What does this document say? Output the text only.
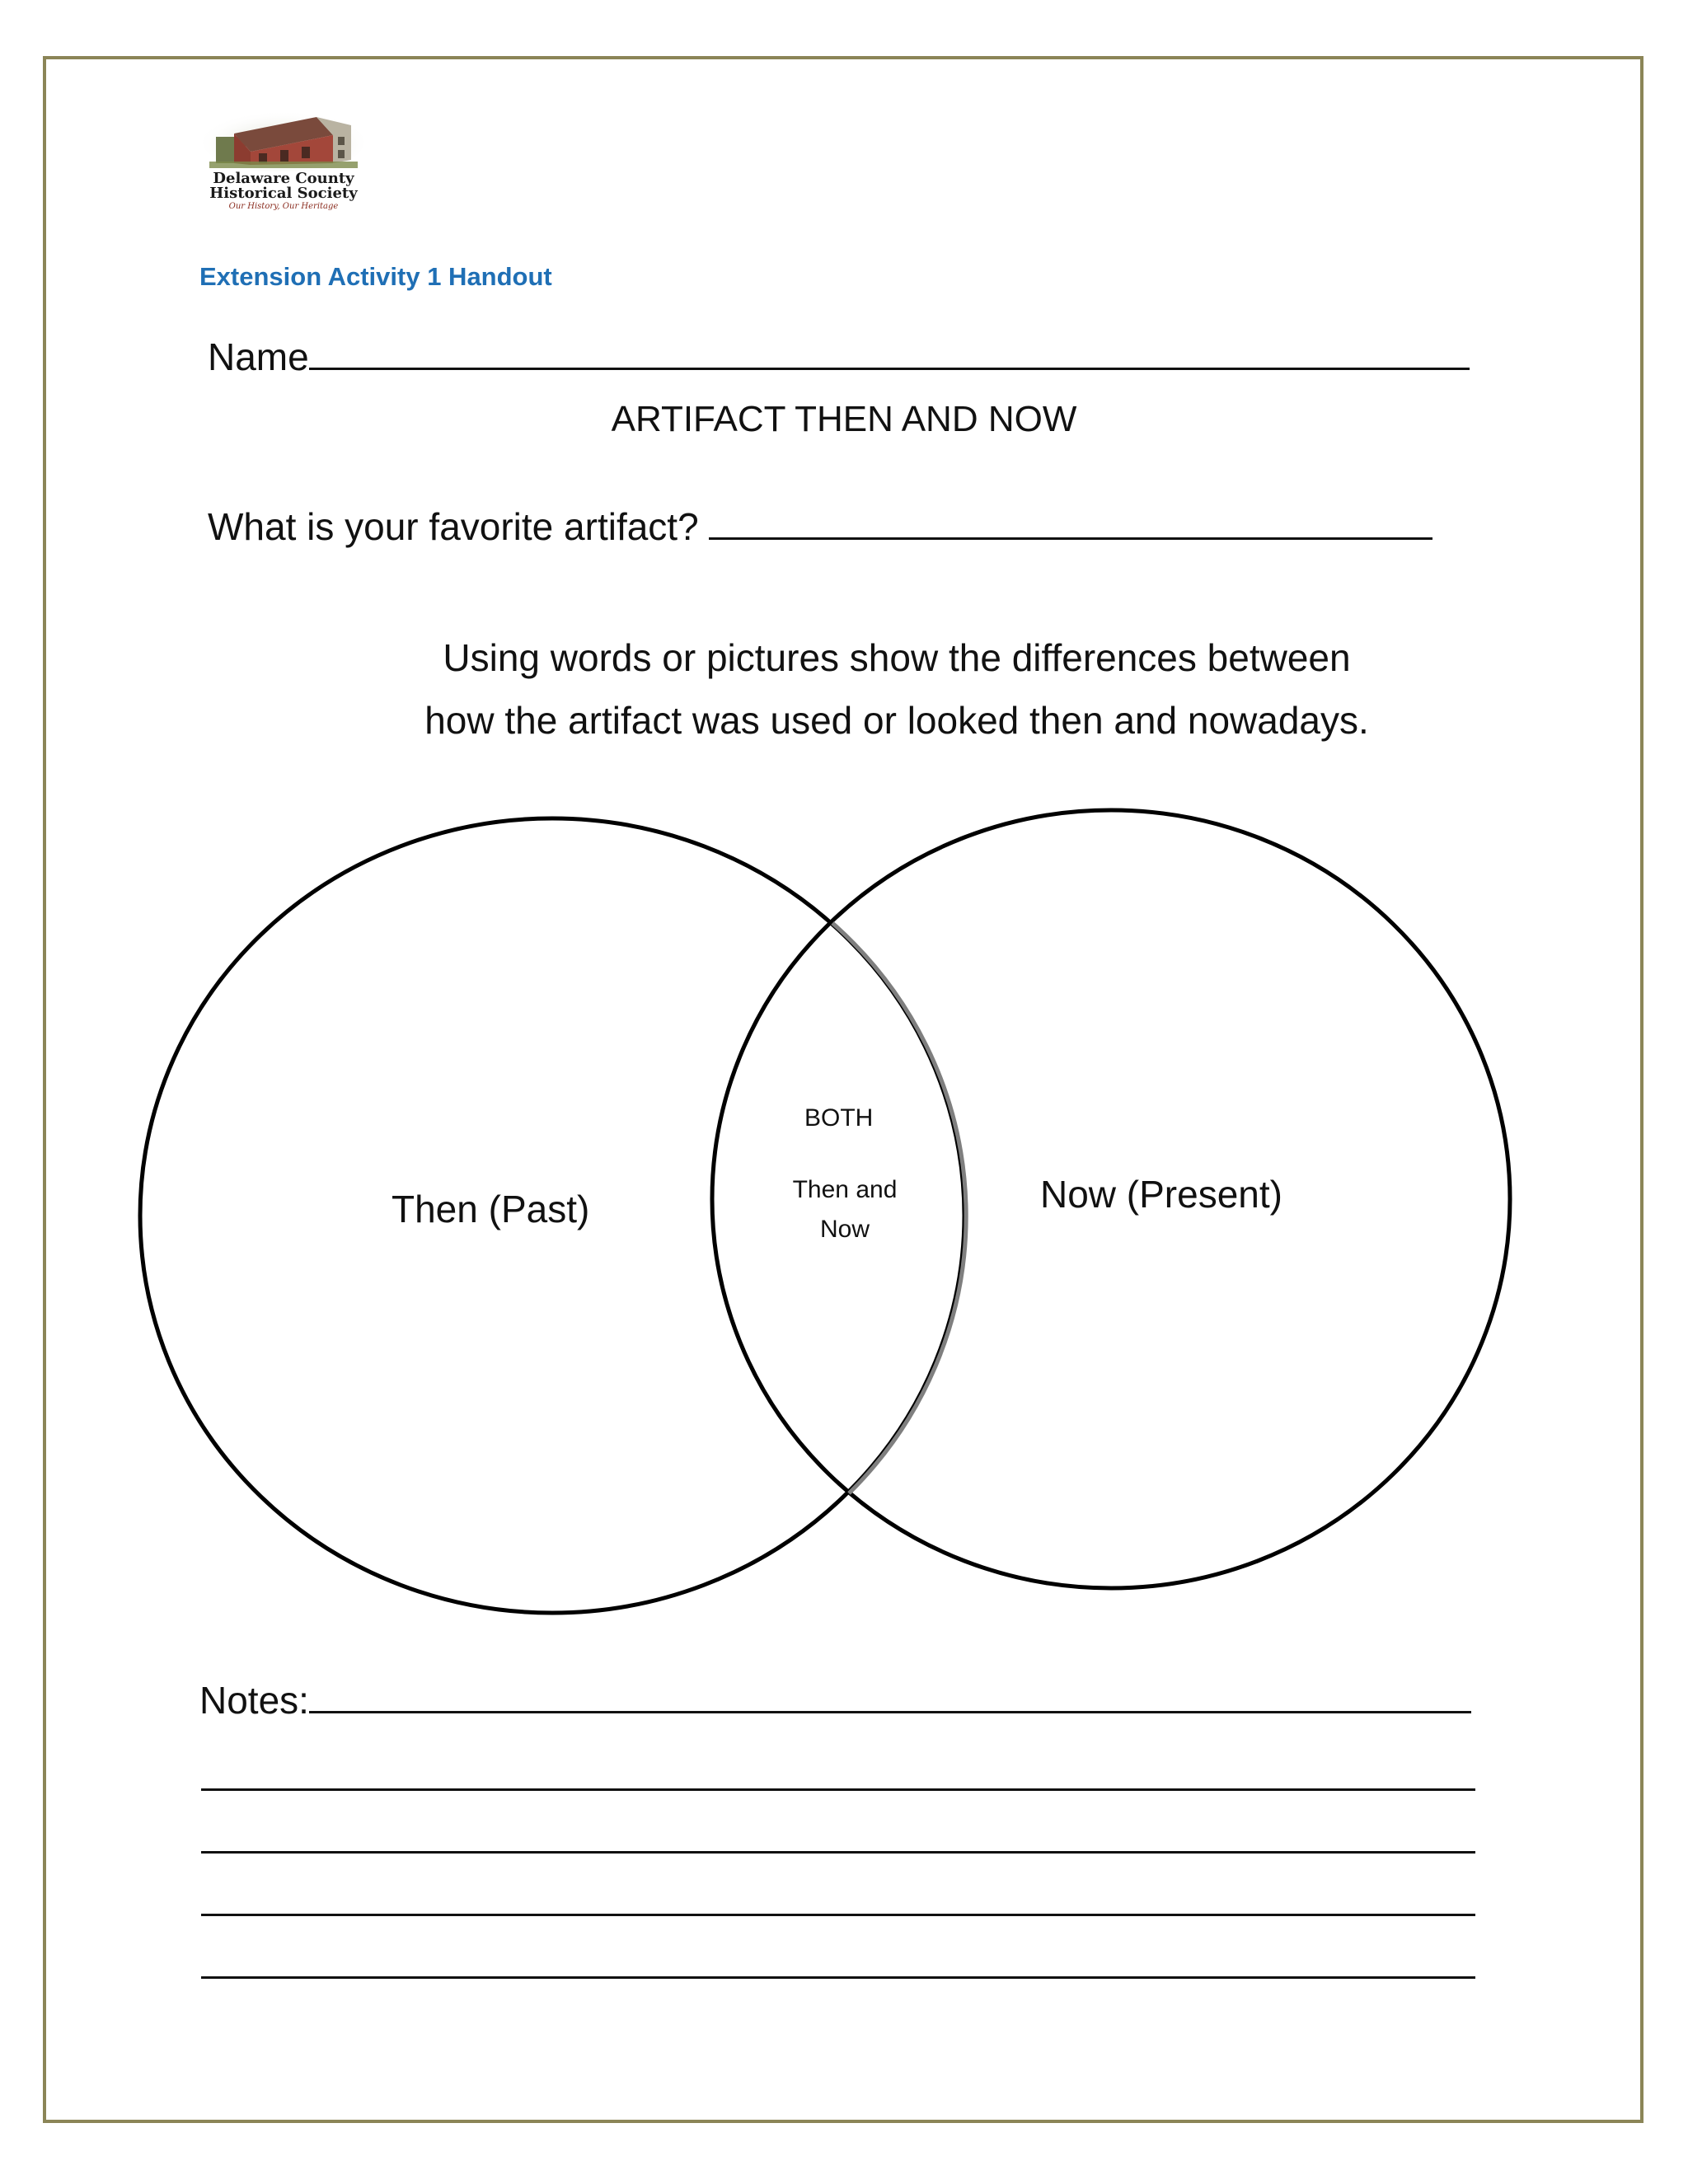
Delaware County
Historical Society
Our History, Our Heritage
Extension Activity 1 Handout
Name
ARTIFACT THEN AND NOW
What is your favorite artifact?
Using words or pictures show the differences between
how the artifact was used or looked then and nowadays.
Then (Past)	Now (Present)
BOTH
Then and Now
Notes:
